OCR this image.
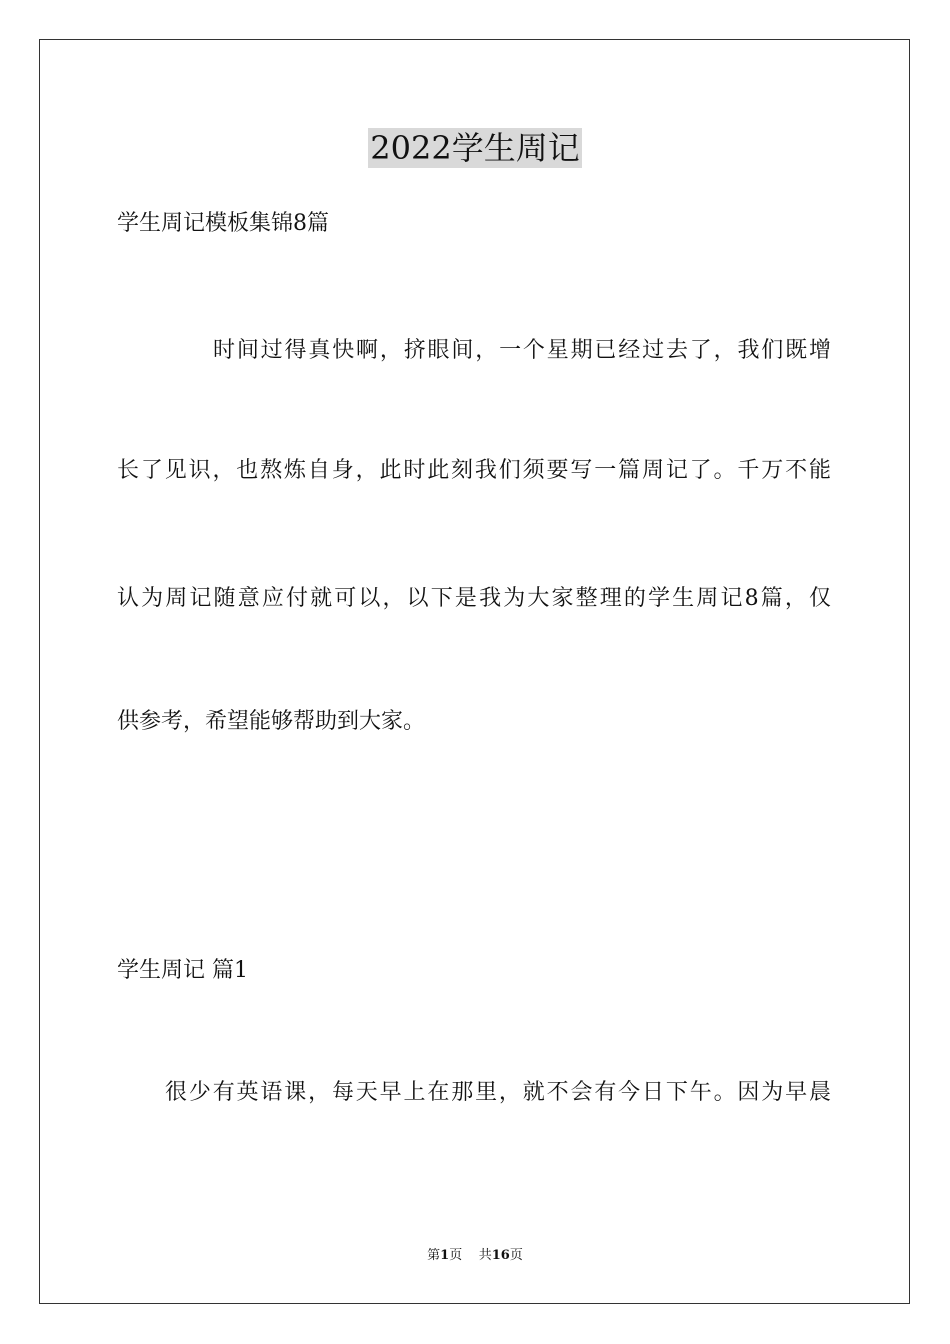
2022学生周记
学生周记模板集锦8篇
时间过得真快啊，挤眼间，一个星期已经过去了，我们既增
长了见识，也熬炼自身，此时此刻我们须要写一篇周记了。千万不能
认为周记随意应付就可以，以下是我为大家整理的学生周记8篇，仅
供参考，希望能够帮助到大家。
学生周记 篇1
很少有英语课，每天早上在那里，就不会有今日下午。因为早晨
第1页 共16页
